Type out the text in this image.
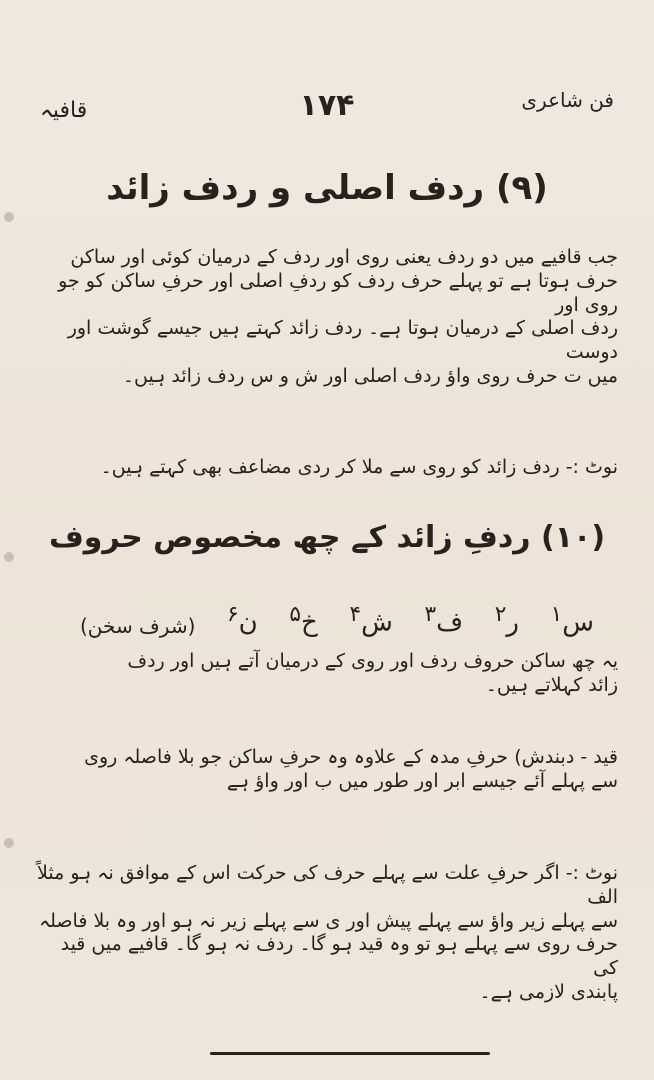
قافیہ	۱۷۴	فن شاعری
(۹) ردف اصلی و ردف زائد
جب قافیے میں دو ردف یعنی روی اور ردف کے درمیان کوئی اور ساکن
حرف ہوتا ہے تو پہلے حرف ردف کو ردفِ اصلی اور حرفِ ساکن کو جو روی اور
ردف اصلی کے درمیان ہوتا ہے۔ ردف زائد کہتے ہیں جیسے گوشت اور دوست
میں ت حرف روی واؤ ردف اصلی اور ش و س ردف زائد ہیں۔
نوٹ :- ردف زائد کو روی سے ملا کر ردی مضاعف بھی کہتے ہیں۔
(۱۰) ردفِ زائد کے چھ مخصوص حروف
$^۱$س
$^۲$ر
$^۳$ف
$^۴$ش
$^۵$خ
$^۶$ن
(شرف سخن)
یہ چھ ساکن حروف ردف اور روی کے درمیان آتے ہیں اور ردف
زائد کہلاتے ہیں۔
قید - دبندش) حرفِ مدہ کے علاوہ وہ حرفِ ساکن جو بلا فاصلہ روی
سے پہلے آئے جیسے ابر اور طور میں ب اور واؤ ہے
نوٹ :- اگر حرفِ علت سے پہلے حرف کی حرکت اس کے موافق نہ ہو مثلاً الف
سے پہلے زیر واؤ سے پہلے پیش اور ی سے پہلے زیر نہ ہو اور وہ بلا فاصلہ
حرف روی سے پہلے ہو تو وہ قید ہو گا۔ ردف نہ ہو گا۔ قافیے میں قید کی
پابندی لازمی ہے۔
